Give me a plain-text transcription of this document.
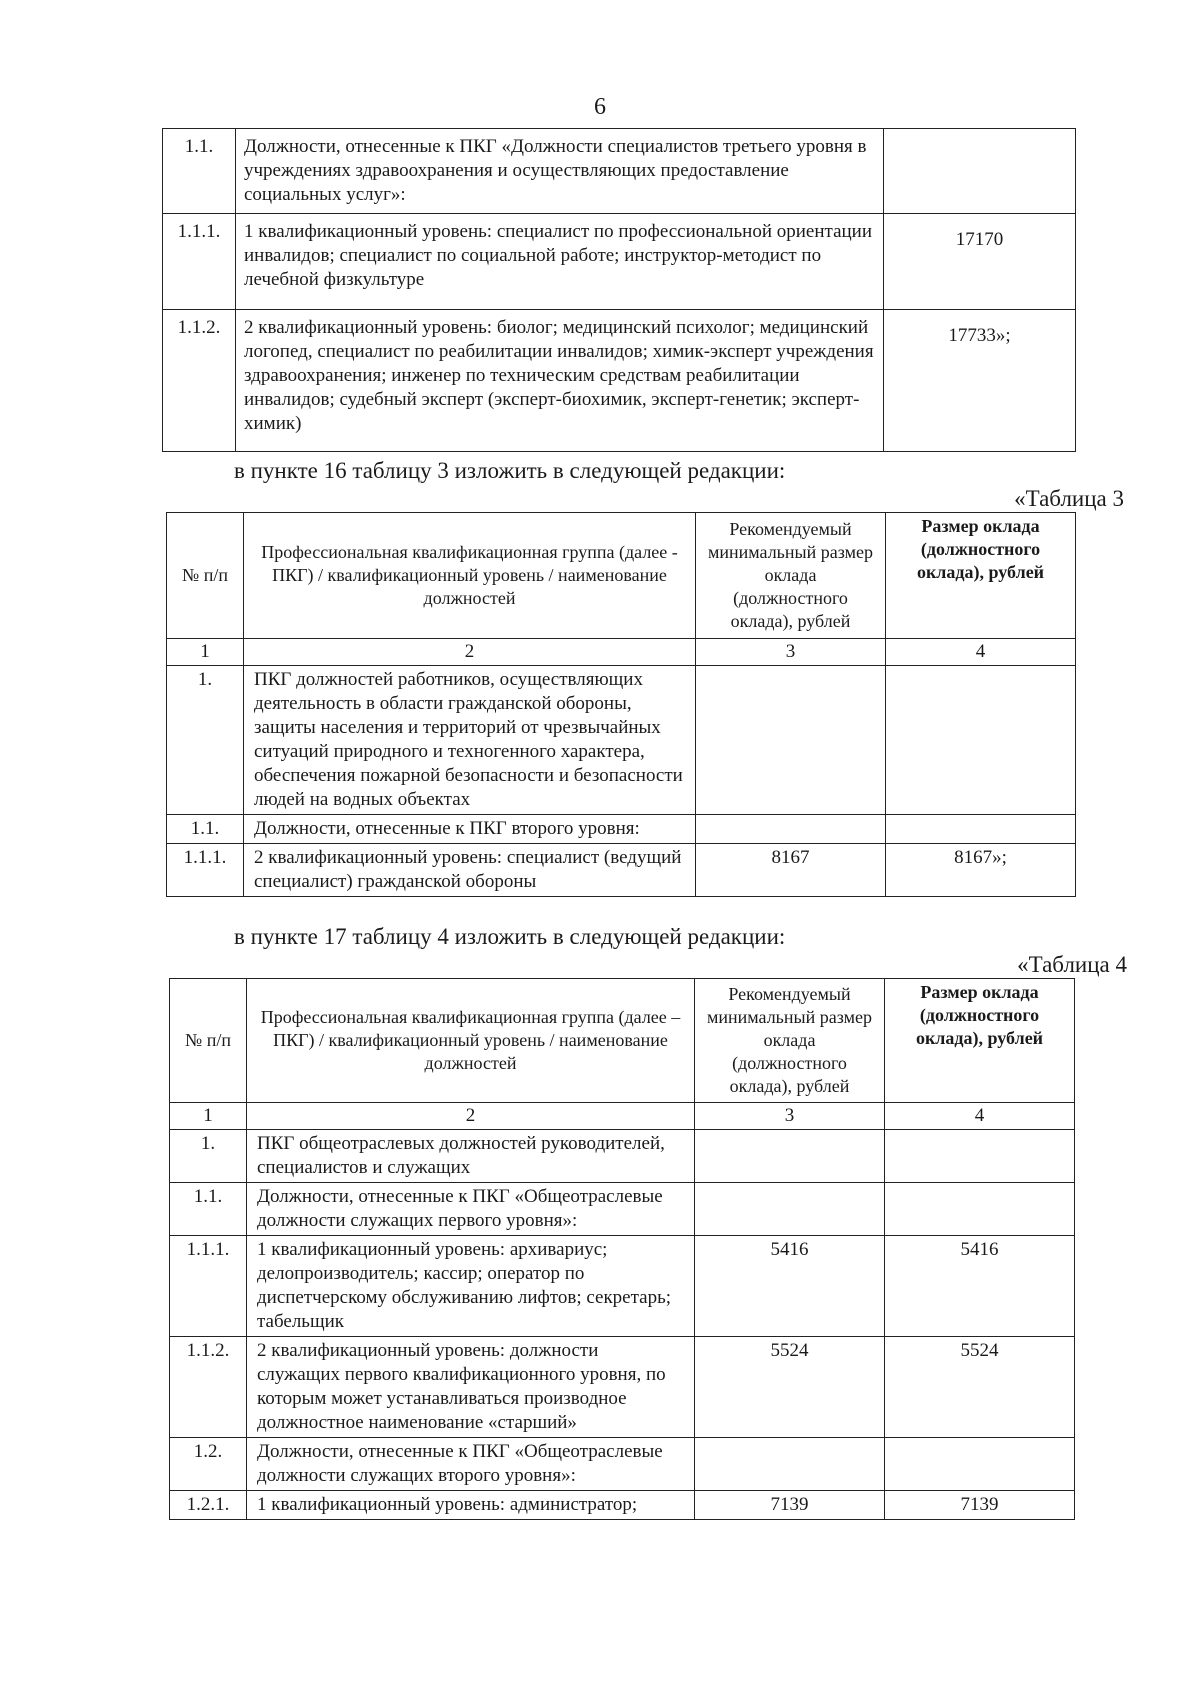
6
1.1.	Должности, отнесенные к ПКГ «Должности специалистов третьего уровня в учреждениях здравоохранения и осуществляющих предоставление социальных услуг»:	
1.1.1.	1 квалификационный уровень: специалист по профессиональной ориентации инвалидов; специалист по социальной работе; инструктор-методист по лечебной физкультуре	17170
1.1.2.	2 квалификационный уровень: биолог; медицинский психолог; медицинский логопед, специалист по реабилитации инвалидов; химик-эксперт учреждения здравоохранения; инженер по техническим средствам реабилитации инвалидов; судебный эксперт (эксперт-биохимик, эксперт-генетик; эксперт-химик)	17733»;
в пункте 16 таблицу 3 изложить в следующей редакции:
«Таблица 3
№ п/п	Профессиональная квалификационная группа (далее - ПКГ) / квалификационный уровень / наименование должностей	Рекомендуемый минимальный размер оклада (должностного оклада), рублей	Размер оклада (должностного оклада), рублей
1	2	3	4
1.	ПКГ должностей работников, осуществляющих деятельность в области гражданской обороны, защиты населения и территорий от чрезвычайных ситуаций природного и техногенного характера, обеспечения пожарной безопасности и безопасности людей на водных объектах		
1.1.	Должности, отнесенные к ПКГ второго уровня:		
1.1.1.	2 квалификационный уровень: специалист (ведущий специалист) гражданской обороны	8167	8167»;
в пункте 17 таблицу 4 изложить в следующей редакции:
«Таблица 4
№ п/п	Профессиональная квалификационная группа (далее – ПКГ) / квалификационный уровень / наименование должностей	Рекомендуемый минимальный размер оклада (должностного оклада), рублей	Размер оклада (должностного оклада), рублей
1	2	3	4
1.	ПКГ общеотраслевых должностей руководителей, специалистов и служащих		
1.1.	Должности, отнесенные к ПКГ «Общеотраслевые должности служащих первого уровня»:		
1.1.1.	1 квалификационный уровень: архивариус; делопроизводитель; кассир; оператор по диспетчерскому обслуживанию лифтов; секретарь; табельщик	5416	5416
1.1.2.	2 квалификационный уровень: должности служащих первого квалификационного уровня, по которым может устанавливаться производное должностное наименование «старший»	5524	5524
1.2.	Должности, отнесенные к ПКГ «Общеотраслевые должности служащих второго уровня»:		
1.2.1.	1 квалификационный уровень: администратор;	7139	7139
